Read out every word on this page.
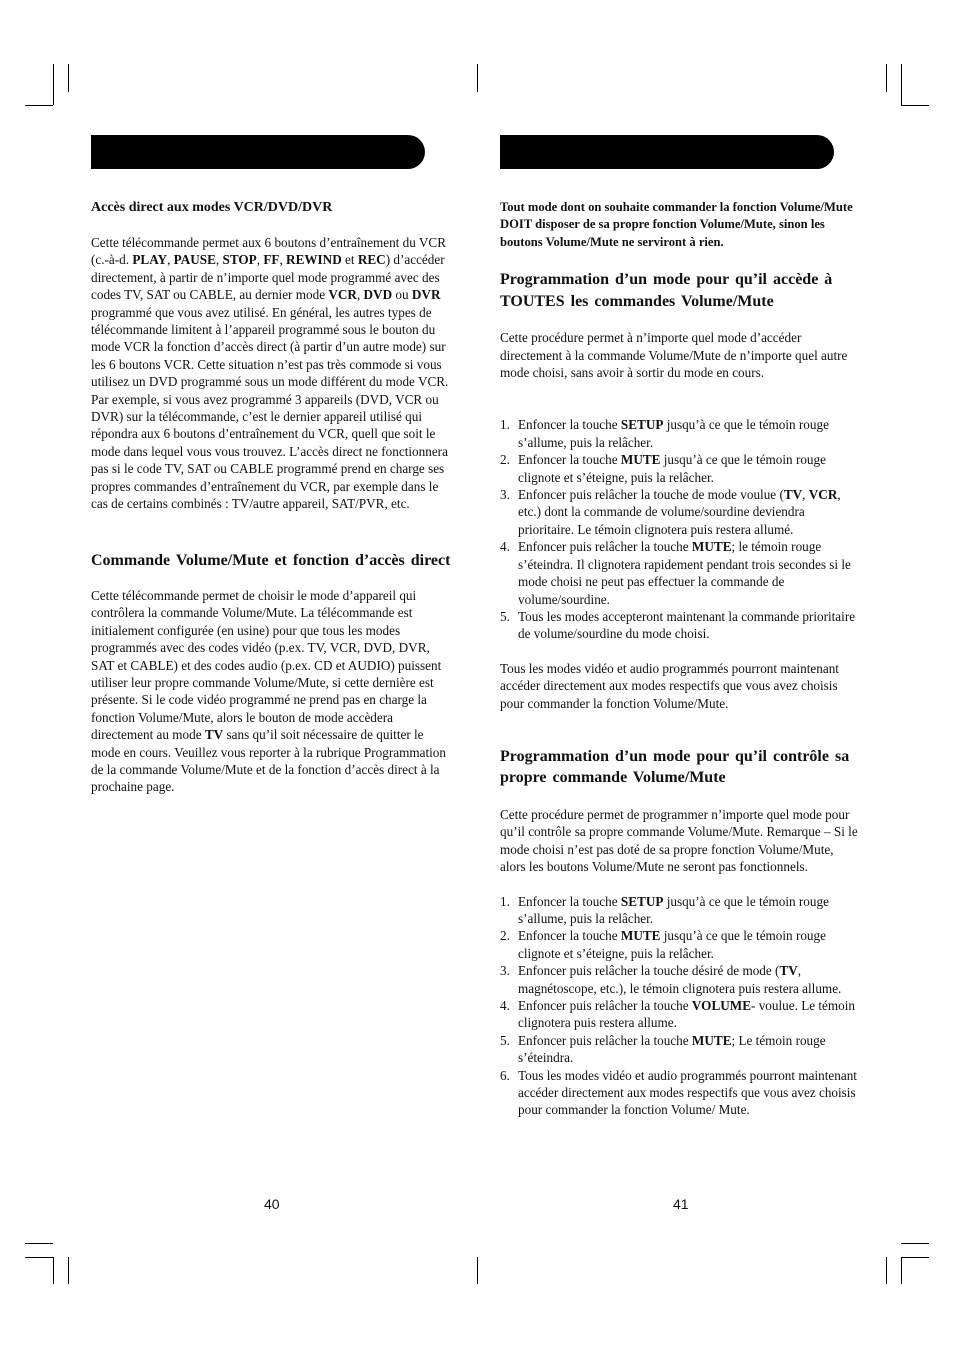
Accès direct aux modes VCR/DVD/DVR

Cette télécommande permet aux 6 boutons d’entraînement du VCR (c.-à-d. PLAY, PAUSE, STOP, FF, REWIND et REC) d’accéder directement, à partir de n’importe quel mode programmé avec des codes TV, SAT ou CABLE, au dernier mode VCR, DVD ou DVR programmé que vous avez utilisé. En général, les autres types de télécommande limitent à l’appareil programmé sous le bouton du mode VCR la fonction d’accès direct (à partir d’un autre mode) sur les 6 boutons VCR. Cette situation n’est pas très commode si vous utilisez un DVD programmé sous un mode différent du mode VCR. Par exemple, si vous avez programmé 3 appareils (DVD, VCR ou DVR) sur la télécommande, c’est le dernier appareil utilisé qui répondra aux 6 boutons d’entraînement du VCR, quell que soit le mode dans lequel vous vous trouvez. L’accès direct ne fonctionnera pas si le code TV, SAT ou CABLE programmé prend en charge ses propres commandes d’entraînement du VCR, par exemple dans le cas de certains combinés : TV/autre appareil, SAT/PVR, etc.

Commande Volume/Mute et fonction d’accès direct

Cette télécommande permet de choisir le mode d’appareil qui contrôlera la commande Volume/Mute. La télécommande est initialement configurée (en usine) pour que tous les modes programmés avec des codes vidéo (p.ex. TV, VCR, DVD, DVR, SAT et CABLE) et des codes audio (p.ex. CD et AUDIO) puissent utiliser leur propre commande Volume/Mute, si cette dernière est présente. Si le code vidéo programmé ne prend pas en charge la fonction Volume/Mute, alors le bouton de mode accèdera directement au mode TV sans qu’il soit nécessaire de quitter le mode en cours. Veuillez vous reporter à la rubrique Programmation de la commande Volume/Mute et de la fonction d’accès direct à la prochaine page.

Tout mode dont on souhaite commander la fonction Volume/Mute DOIT disposer de sa propre fonction Volume/Mute, sinon les boutons Volume/Mute ne serviront à rien.

Programmation d’un mode pour qu’il accède à TOUTES les commandes Volume/Mute

Cette procédure permet à n’importe quel mode d’accéder directement à la commande Volume/Mute de n’importe quel autre mode choisi, sans avoir à sortir du mode en cours.

1. Enfoncer la touche SETUP jusqu’à ce que le témoin rouge s’allume, puis la relâcher.
2. Enfoncer la touche MUTE jusqu’à ce que le témoin rouge clignote et s’éteigne, puis la relâcher.
3. Enfoncer puis relâcher la touche de mode voulue (TV, VCR, etc.) dont la commande de volume/sourdine deviendra prioritaire. Le témoin clignotera puis restera allumé.
4. Enfoncer puis relâcher la touche MUTE; le témoin rouge s’éteindra. Il clignotera rapidement pendant trois secondes si le mode choisi ne peut pas effectuer la commande de volume/sourdine.
5. Tous les modes accepteront maintenant la commande prioritaire de volume/sourdine du mode choisi.

Tous les modes vidéo et audio programmés pourront maintenant accéder directement aux modes respectifs que vous avez choisis pour commander la fonction Volume/Mute.

Programmation d’un mode pour qu’il contrôle sa propre commande Volume/Mute

Cette procédure permet de programmer n’importe quel mode pour qu’il contrôle sa propre commande Volume/Mute. Remarque – Si le mode choisi n’est pas doté de sa propre fonction Volume/Mute, alors les boutons Volume/Mute ne seront pas fonctionnels.

1. Enfoncer la touche SETUP jusqu’à ce que le témoin rouge s’allume, puis la relâcher.
2. Enfoncer la touche MUTE jusqu’à ce que le témoin rouge clignote et s’éteigne, puis la relâcher.
3. Enfoncer puis relâcher la touche désiré de mode (TV, magnétoscope, etc.), le témoin clignotera puis restera allume.
4. Enfoncer puis relâcher la touche VOLUME- voulue. Le témoin clignotera puis restera allume.
5. Enfoncer puis relâcher la touche MUTE; Le témoin rouge s’éteindra.
6. Tous les modes vidéo et audio programmés pourront maintenant accéder directement aux modes respectifs que vous avez choisis pour commander la fonction Volume/ Mute.
40	41
